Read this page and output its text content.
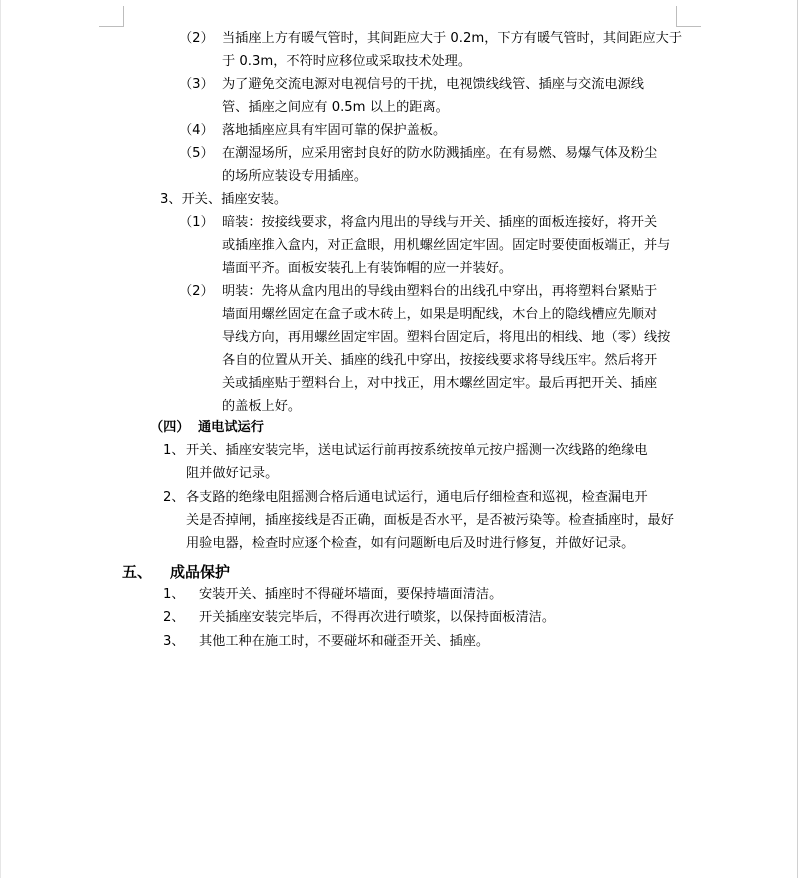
（2） 当插座上方有暖气管时，其间距应大于 0.2m，下方有暖气管时，其间距应大于
于 0.3m，不符时应移位或采取技术处理。
（3） 为了避免交流电源对电视信号的干扰，电视馈线线管、插座与交流电源线
管、插座之间应有 0.5m 以上的距离。
（4） 落地插座应具有牢固可靠的保护盖板。
（5） 在潮湿场所，应采用密封良好的防水防溅插座。在有易燃、易爆气体及粉尘
的场所应装设专用插座。
3、开关、插座安装。
（1） 暗装：按接线要求，将盒内甩出的导线与开关、插座的面板连接好，将开关
或插座推入盒内，对正盒眼，用机螺丝固定牢固。固定时要使面板端正，并与
墙面平齐。面板安装孔上有装饰帽的应一并装好。
（2） 明装：先将从盒内甩出的导线由塑料台的出线孔中穿出，再将塑料台紧贴于
墙面用螺丝固定在盒子或木砖上，如果是明配线，木台上的隐线槽应先顺对
导线方向，再用螺丝固定牢固。塑料台固定后，将甩出的相线、地（零）线按
各自的位置从开关、插座的线孔中穿出，按接线要求将导线压牢。然后将开
关或插座贴于塑料台上，对中找正，用木螺丝固定牢。最后再把开关、插座
的盖板上好。
（四） 通电试运行
1、 开关、插座安装完毕，送电试运行前再按系统按单元按户摇测一次线路的绝缘电
阻并做好记录。
2、 各支路的绝缘电阻摇测合格后通电试运行，通电后仔细检查和巡视，检查漏电开
关是否掉闸，插座接线是否正确，面板是否水平，是否被污染等。检查插座时，最好
用验电器，检查时应逐个检查，如有问题断电后及时进行修复，并做好记录。
五、 成品保护
1、 安装开关、插座时不得碰坏墙面，要保持墙面清洁。
2、 开关插座安装完毕后，不得再次进行喷浆，以保持面板清洁。
3、 其他工种在施工时，不要碰坏和碰歪开关、插座。
